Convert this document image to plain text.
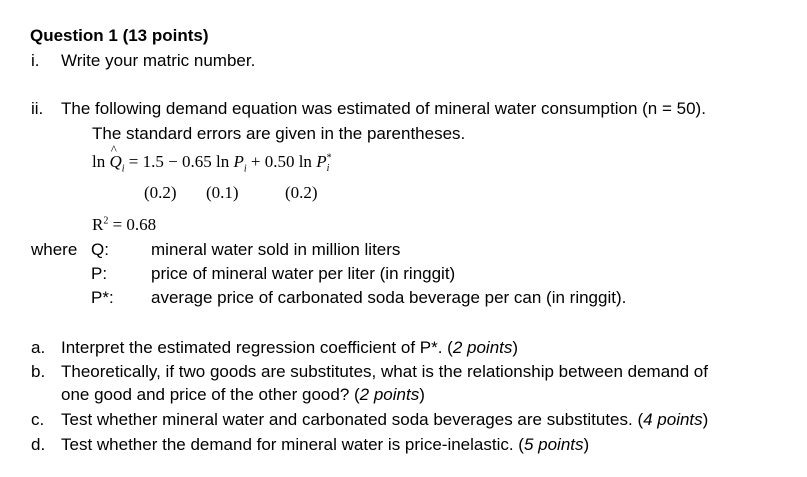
Question 1 (13 points)
i. Write your matric number.
ii. The following demand equation was estimated of mineral water consumption (n = 50).
The standard errors are given in the parentheses.
ln ^ $Q_i = 1.5 - 0.65$ $\ln P_i + 0.50$ $\ln P^*_i$
(0.2) (0.1)	(0.2)
$R^2 = 0.68$
where Q: mineral water sold in million liters
P:	price of mineral water per liter (in ringgit)
P*: average price of carbonated soda beverage per can (in ringgit).
a. Interpret the estimated regression coefficient of P*. (2 points)
b. Theoretically, if two goods are substitutes, what is the relationship between demand of
one good and price of the other good? (2 points)
c. Test whether mineral water and carbonated soda beverages are substitutes. (4 points)
d. Test whether the demand for mineral water is price-inelastic. (5 points)
